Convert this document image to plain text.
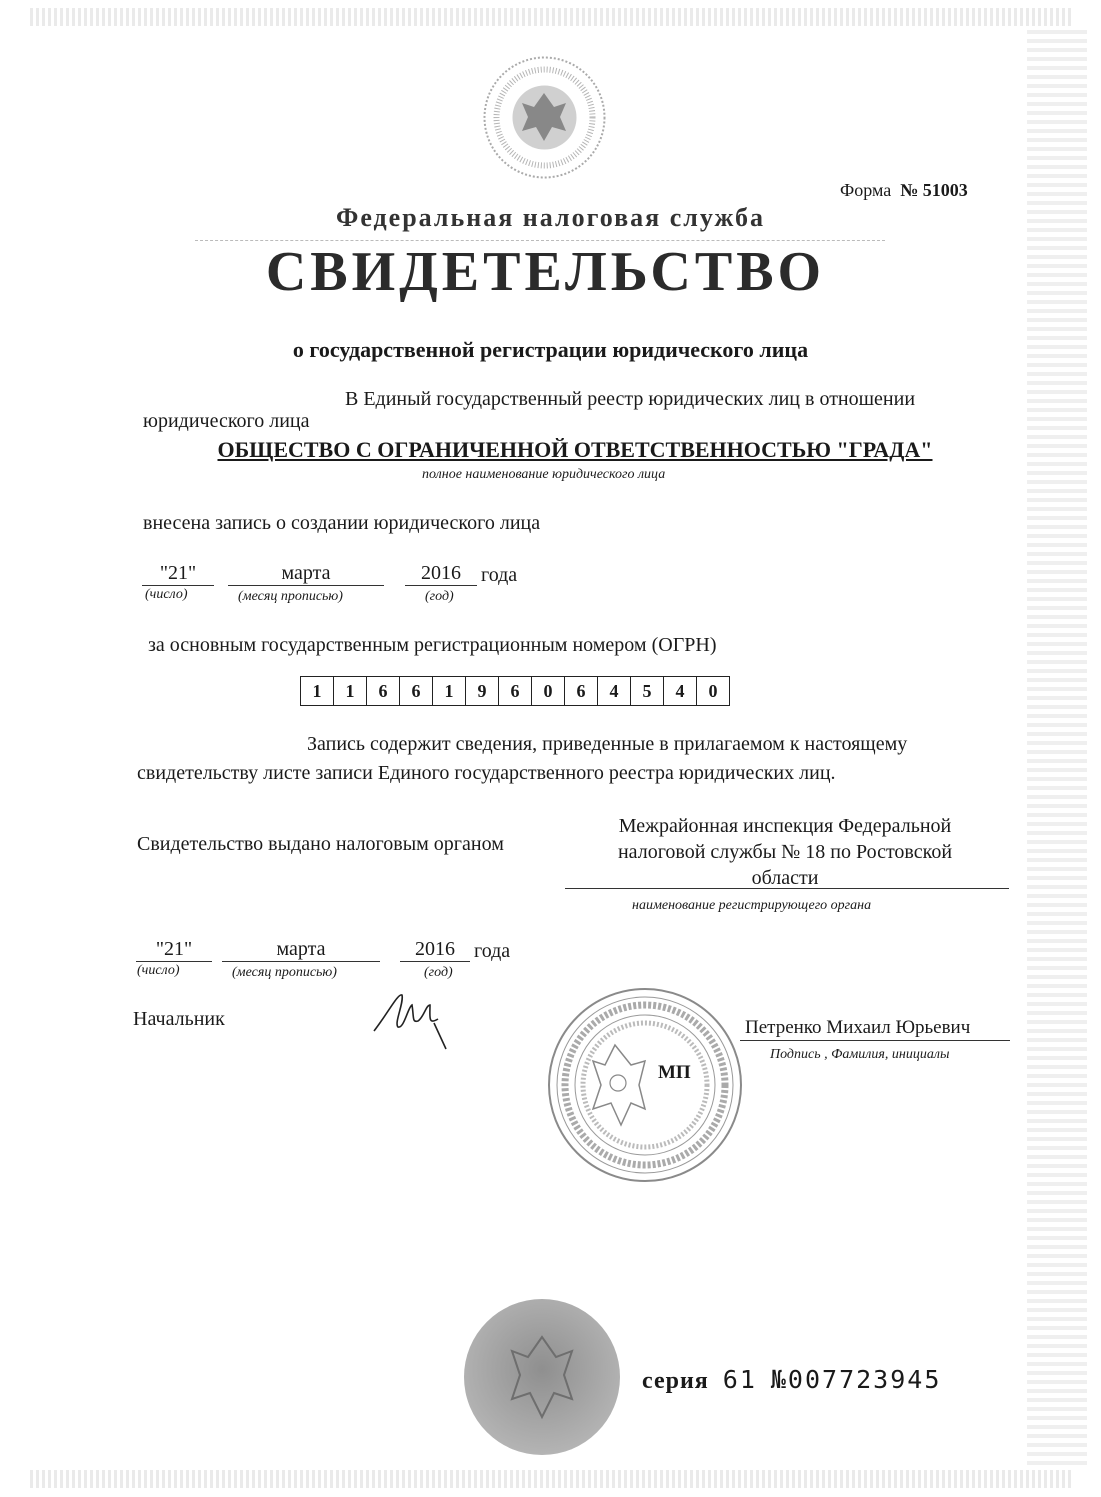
Форма № 51003
Федеральная налоговая служба
СВИДЕТЕЛЬСТВО
о государственной регистрации юридического лица
В Единый государственный реестр юридических лиц в отношении
юридического лица
ОБЩЕСТВО С ОГРАНИЧЕННОЙ ОТВЕТСТВЕННОСТЬЮ "ГРАДА"
полное наименование юридического лица
внесена запись о создании юридического лица
"21"	марта	2016	года
(число)	(месяц прописью)	(год)
за основным государственным регистрационным номером (ОГРН)
1	1	6	6	1	9	6	0	6	4	5	4	0
Запись содержит сведения, приведенные в прилагаемом к настоящему
свидетельству листе записи Единого государственного реестра юридических лиц.
Свидетельство выдано налоговым органом
Межрайонная инспекция Федеральной
налоговой службы № 18 по Ростовской
области
наименование регистрирующего органа
"21"	марта	2016 года
(число)	(месяц прописью)	(год)
Начальник
МП
Петренко Михаил Юрьевич
Подпись , Фамилия, инициалы
серия 61 №007723945
